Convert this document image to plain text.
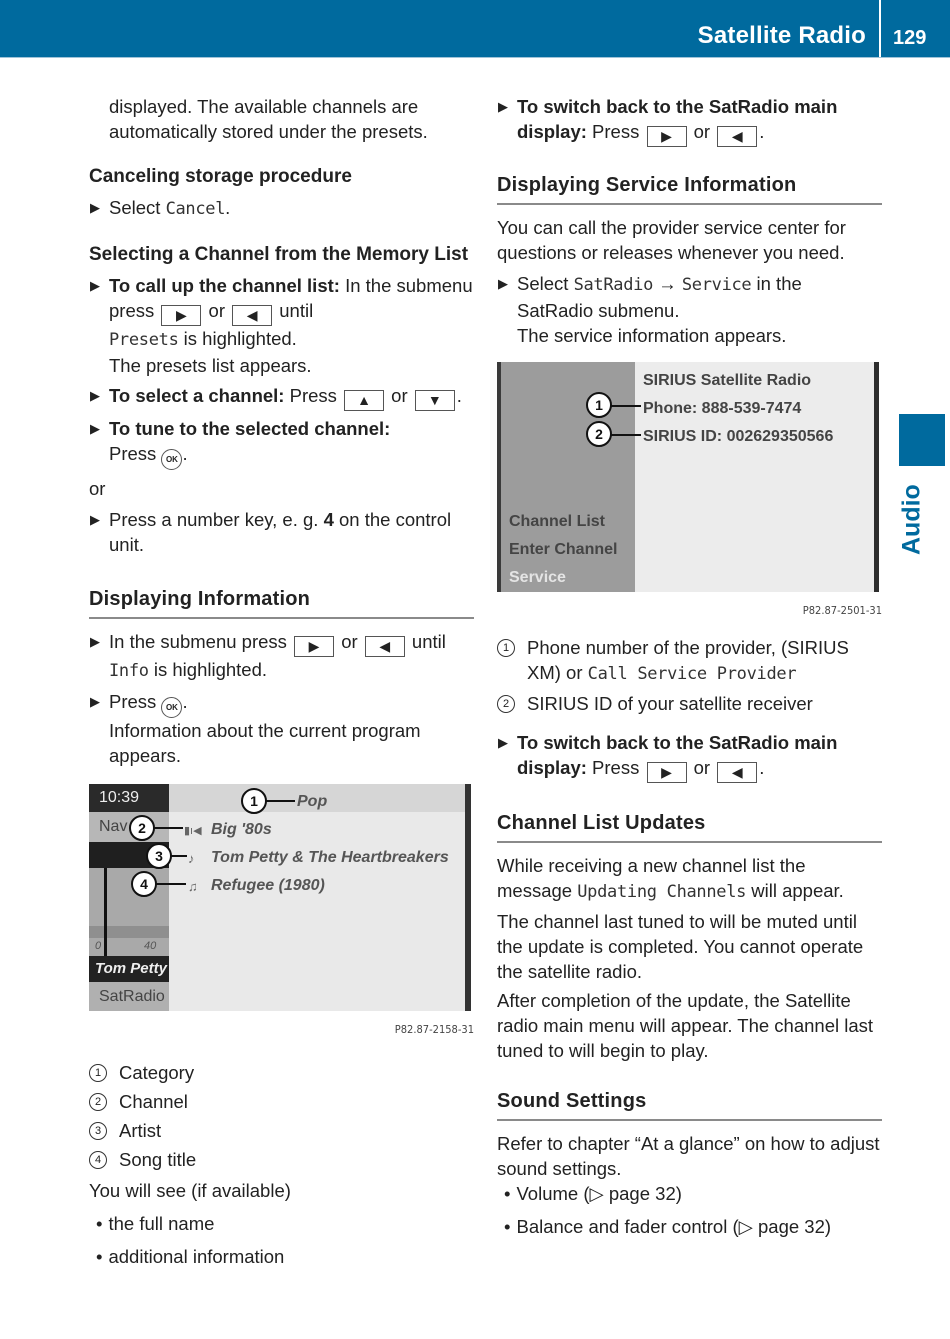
Satellite Radio 129
Audio

displayed. The available channels are
automatically stored under the presets.

Canceling storage procedure
▶ Select Cancel.
Selecting a Channel from the Memory List
▶ To call up the channel list: In the submenu press ▶ or ◀ until
Presets is highlighted.
The presets list appears.
▶ To select a channel: Press ▲ or ▼ .
▶ To tune to the selected channel:
Press OK .

or

▶ Press a number key, e. g. 4 on the control unit.
Displaying Information
▶ In the submenu press ▶ or ◀ until
Info is highlighted.
▶ Press OK .
Information about the current program appears.
10:39
Nav
0	40
Tom Petty
SatRadio
Pop
Big '80s
Tom Petty & The Heartbreakers
Refugee (1980)
▮ı◀
♪
♫
1
2
3
4
P82.87-2158-31
1 Category
2 Channel
3 Artist
4 Song title

You will see (if available)

• the full name
• additional information
▶ To switch back to the SatRadio main
display: Press ▶ or ◀ .
Displaying Service Information

You can call the provider service center for questions or releases whenever you need.

▶ Select SatRadio → Service in the SatRadio submenu.
The service information appears.
SIRIUS Satellite Radio
Phone: 888-539-7474
SIRIUS ID: 002629350566
Channel List
Enter Channel
Service
1
2
P82.87-2501-31
1 Phone number of the provider, (SIRIUS XM) or Call Service Provider
2 SIRIUS ID of your satellite receiver
▶ To switch back to the SatRadio main
display: Press ▶ or ◀ .
Channel List Updates

While receiving a new channel list the message Updating Channels will appear.

The channel last tuned to will be muted until the update is completed. You cannot operate the satellite radio.

After completion of the update, the Satellite radio main menu will appear. The channel last tuned to will begin to play.

Sound Settings

Refer to chapter “At a glance” on how to adjust sound settings.

• Volume (▷ page 32)
• Balance and fader control (▷ page 32)
